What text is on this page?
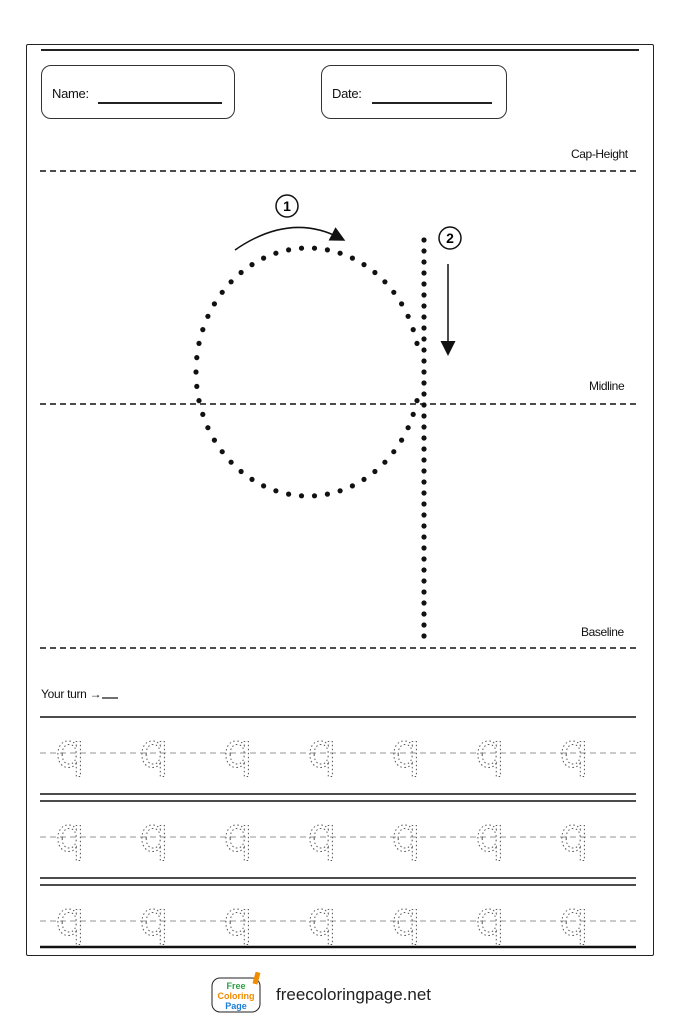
Name:	Date:
Cap-Height
Midline
Baseline
Your turn →
1
2
q q q q q q q
q q q q q q q
q q q q q q q
Free
Coloring
Page
freecoloringpage.net
